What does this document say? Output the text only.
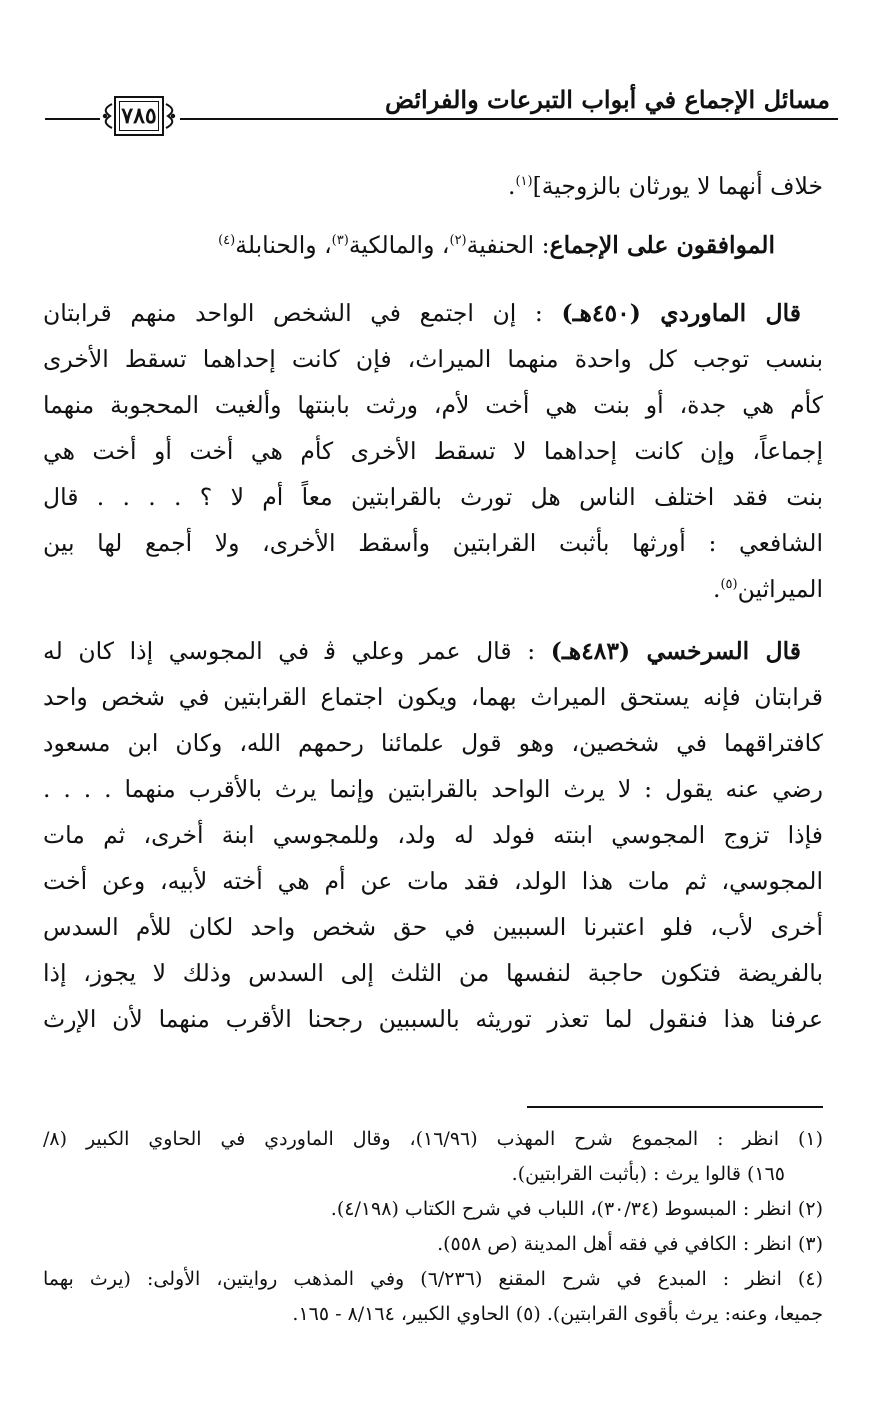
مسائل الإجماع في أبواب التبرعات والفرائض
٧٨٥
خلاف أنهما لا يورثان بالزوجية]$^{(١)}$.
الموافقون على الإجماع: الحنفية$^{(٢)}$، والمالكية$^{(٣)}$، والحنابلة$^{(٤)}$
قال الماوردي (٤٥٠هـ) : إن اجتمع في الشخص الواحد منهم قرابتان
بنسب توجب كل واحدة منهما الميراث، فإن كانت إحداهما تسقط الأخرى
كأم هي جدة، أو بنت هي أخت لأم، ورثت بابنتها وألغيت المحجوبة منهما
إجماعاً، وإن كانت إحداهما لا تسقط الأخرى كأم هي أخت أو أخت هي
بنت فقد اختلف الناس هل تورث بالقرابتين معاً أم لا ؟ . . . . قال
الشافعي : أورثها بأثبت القرابتين وأسقط الأخرى، ولا أجمع لها بين
الميراثين$^{(٥)}$.
قال السرخسي (٤٨٣هـ) : قال عمر وعلي ﭬ في المجوسي إذا كان له
قرابتان فإنه يستحق الميراث بهما، ويكون اجتماع القرابتين في شخص واحد
كافتراقهما في شخصين، وهو قول علمائنا رحمهم الله، وكان ابن مسعود
رضي عنه يقول : لا يرث الواحد بالقرابتين وإنما يرث بالأقرب منهما . . . .
فإذا تزوج المجوسي ابنته فولد له ولد، وللمجوسي ابنة أخرى، ثم مات
المجوسي، ثم مات هذا الولد، فقد مات عن أم هي أخته لأبيه، وعن أخت
أخرى لأب، فلو اعتبرنا السببين في حق شخص واحد لكان للأم السدس
بالفريضة فتكون حاجبة لنفسها من الثلث إلى السدس وذلك لا يجوز، إذا
عرفنا هذا فنقول لما تعذر توريثه بالسببين رجحنا الأقرب منهما لأن الإرث
(١) انظر : المجموع شرح المهذب (١٦/٩٦)، وقال الماوردي في الحاوي الكبير (٨/
١٦٥) قالوا يرث : (بأثبت القرابتين).
(٢) انظر : المبسوط (٣٠/٣٤)، اللباب في شرح الكتاب (٤/١٩٨).
(٣) انظر : الكافي في فقه أهل المدينة (ص ٥٥٨).
(٤) انظر : المبدع في شرح المقنع (٦/٢٣٦) وفي المذهب روايتين، الأولى: (يرث بهما
جميعا، وعنه: يرث بأقوى القرابتين). (٥) الحاوي الكبير، ٨/١٦٤ - ١٦٥.
